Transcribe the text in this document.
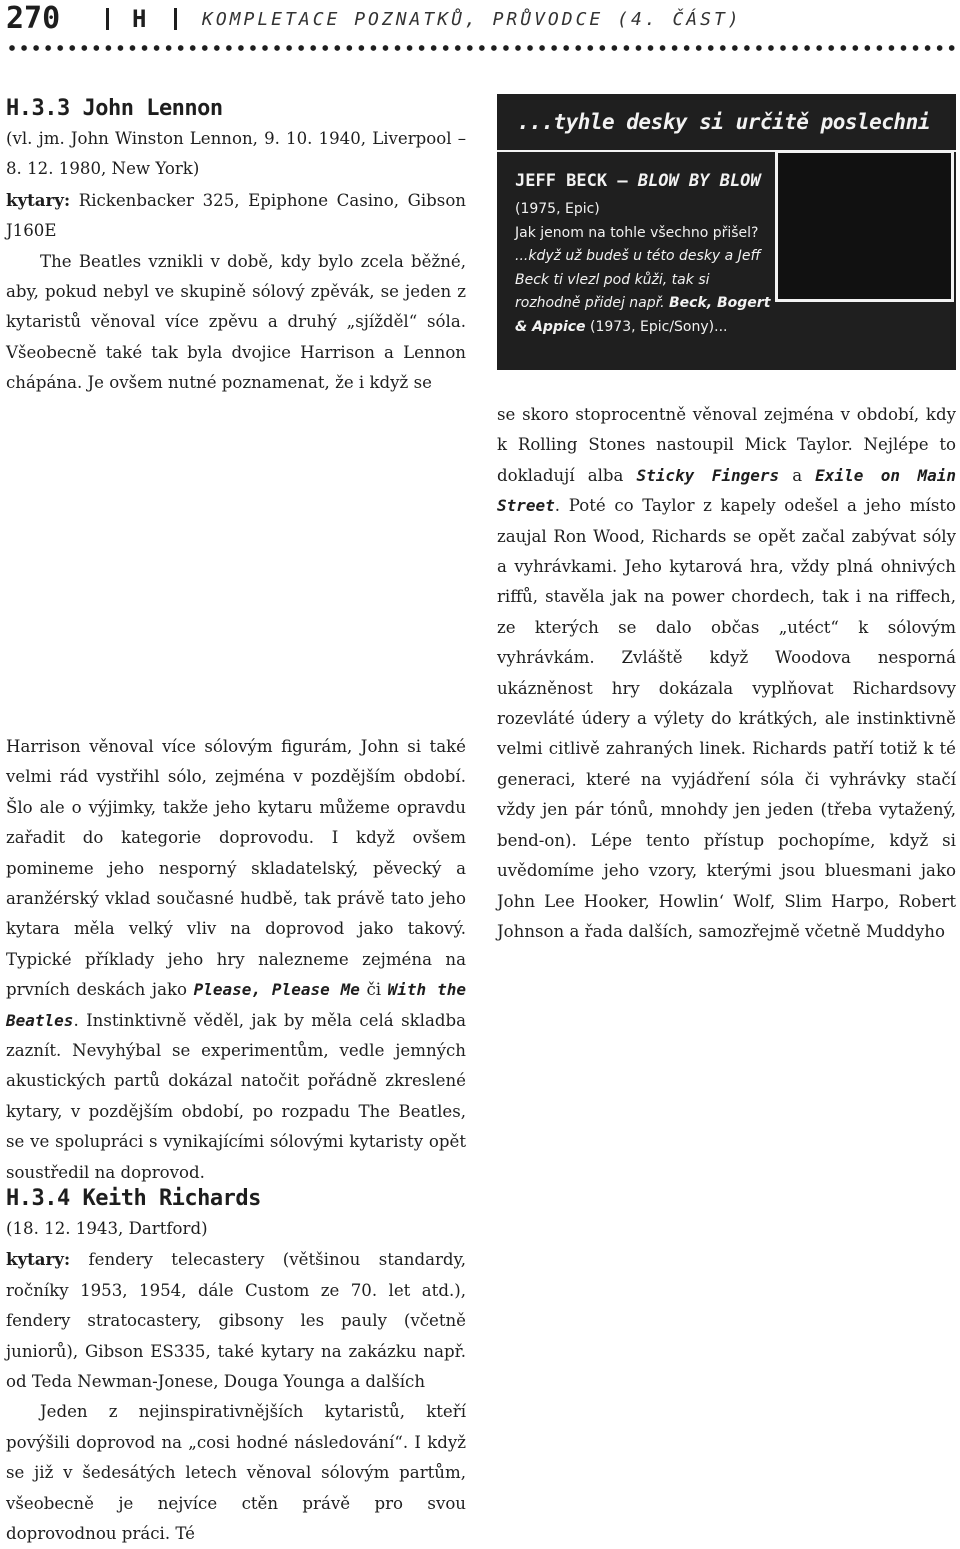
270	H	KOMPLETACE POZNATKŮ, PRŮVODCE (4. ČÁST)
H.3.3 John Lennon

(vl. jm. John Winston Lennon, 9. 10. 1940, Liverpool – 8. 12. 1980, New York)

kytary: Rickenbacker 325, Epiphone Casino, Gibson J160E

The Beatles vznikli v době, kdy bylo zcela běžné, aby, pokud nebyl ve skupině sólový zpěvák, se jeden z kytaristů věnoval více zpěvu a druhý „sjížděl“ sóla. Všeobecně také tak byla dvojice Harrison a Lennon chápána. Je ovšem nutné poznamenat, že i když se

Harrison věnoval více sólovým figurám, John si také velmi rád vystřihl sólo, zejména v pozdějším období. Šlo ale o výjimky, takže jeho kytaru můžeme opravdu zařadit do kategorie doprovodu. I když ovšem pomineme jeho nesporný skladatelský, pěvecký a aranžérský vklad současné hudbě, tak právě tato jeho kytara měla velký vliv na doprovod jako takový. Typické příklady jeho hry nalezneme zejména na prvních deskách jako Please, Please Me či With the Beatles. Instinktivně věděl, jak by měla celá skladba zaznít. Nevyhýbal se experimentům, vedle jemných akustických partů dokázal natočit pořádně zkreslené kytary, v pozdějším období, po rozpadu The Beatles, se ve spolupráci s vynikajícími sólovými kytaristy opět soustředil na doprovod.

H.3.4 Keith Richards

(18. 12. 1943, Dartford)

kytary: fendery telecastery (většinou standardy, ročníky 1953, 1954, dále Custom ze 70. let atd.), fendery stratocastery, gibsony les pauly (včetně juniorů), Gibson ES335, také kytary na zakázku např. od Teda Newman-Jonese, Douga Younga a dalších

Jeden z nejinspirativnějších kytaristů, kteří povýšili doprovod na „cosi hodné následování“. I když se již v šedesátých letech věnoval sólovým partům, všeobecně je nejvíce ctěn právě pro svou doprovodnou práci. Té

...tyhle desky si určitě poslechni

JEFF BECK – BLOW BY BLOW

(1975, Epic)

Jak jenom na tohle všechno přišel?

...když už budeš u této desky a Jeff Beck ti vlezl pod kůži, tak si rozhodně přidej např. Beck, Bogert & Appice (1973, Epic/Sony)...

se skoro stoprocentně věnoval zejména v období, kdy k Rolling Stones nastoupil Mick Taylor. Nejlépe to dokladují alba Sticky Fingers a Exile on Main Street. Poté co Taylor z kapely odešel a jeho místo zaujal Ron Wood, Richards se opět začal zabývat sóly a vyhrávkami. Jeho kytarová hra, vždy plná ohnivých riffů, stavěla jak na power chordech, tak i na riffech, ze kterých se dalo občas „utéct“ k sólovým vyhrávkám. Zvláště když Woodova nesporná ukázněnost hry dokázala vyplňovat Richardsovy rozevláté údery a výlety do krátkých, ale instinktivně velmi citlivě zahraných linek. Richards patří totiž k té generaci, které na vyjádření sóla či vyhrávky stačí vždy jen pár tónů, mnohdy jen jeden (třeba vytažený, bend-on). Lépe tento přístup pochopíme, když si uvědomíme jeho vzory, kterými jsou bluesmani jako John Lee Hooker, Howlin‘ Wolf, Slim Harpo, Robert Johnson a řada dalších, samozřejmě včetně Muddyho
